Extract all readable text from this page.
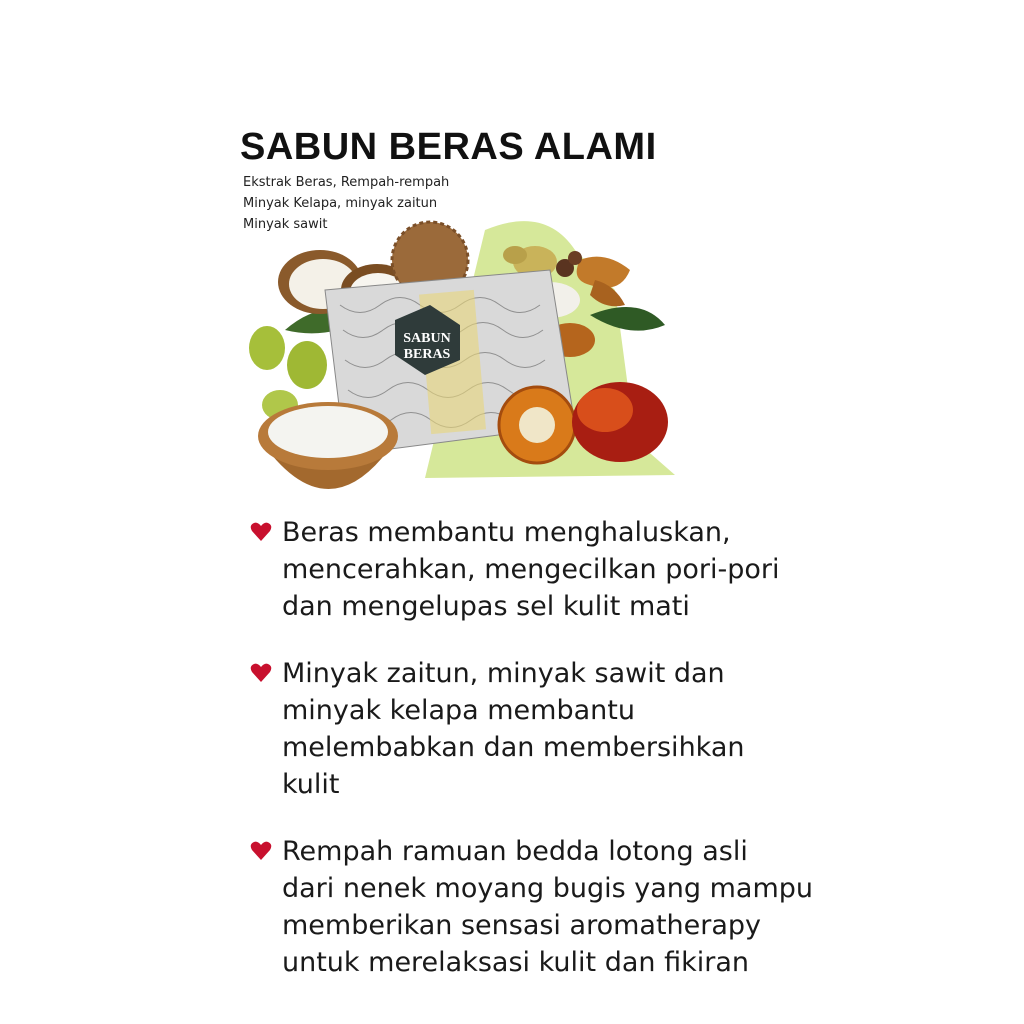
SABUN BERAS ALAMI
Ekstrak Beras, Rempah-rempah
Minyak Kelapa, minyak zaitun
Minyak sawit
SABUN
BERAS
Beras membantu menghaluskan,
mencerahkan, mengecilkan pori-pori
dan mengelupas sel kulit mati
Minyak zaitun, minyak sawit dan
minyak kelapa membantu
melembabkan dan membersihkan
kulit
Rempah ramuan bedda lotong asli
dari nenek moyang bugis yang mampu
memberikan sensasi aromatherapy
untuk merelaksasi kulit dan fikiran
